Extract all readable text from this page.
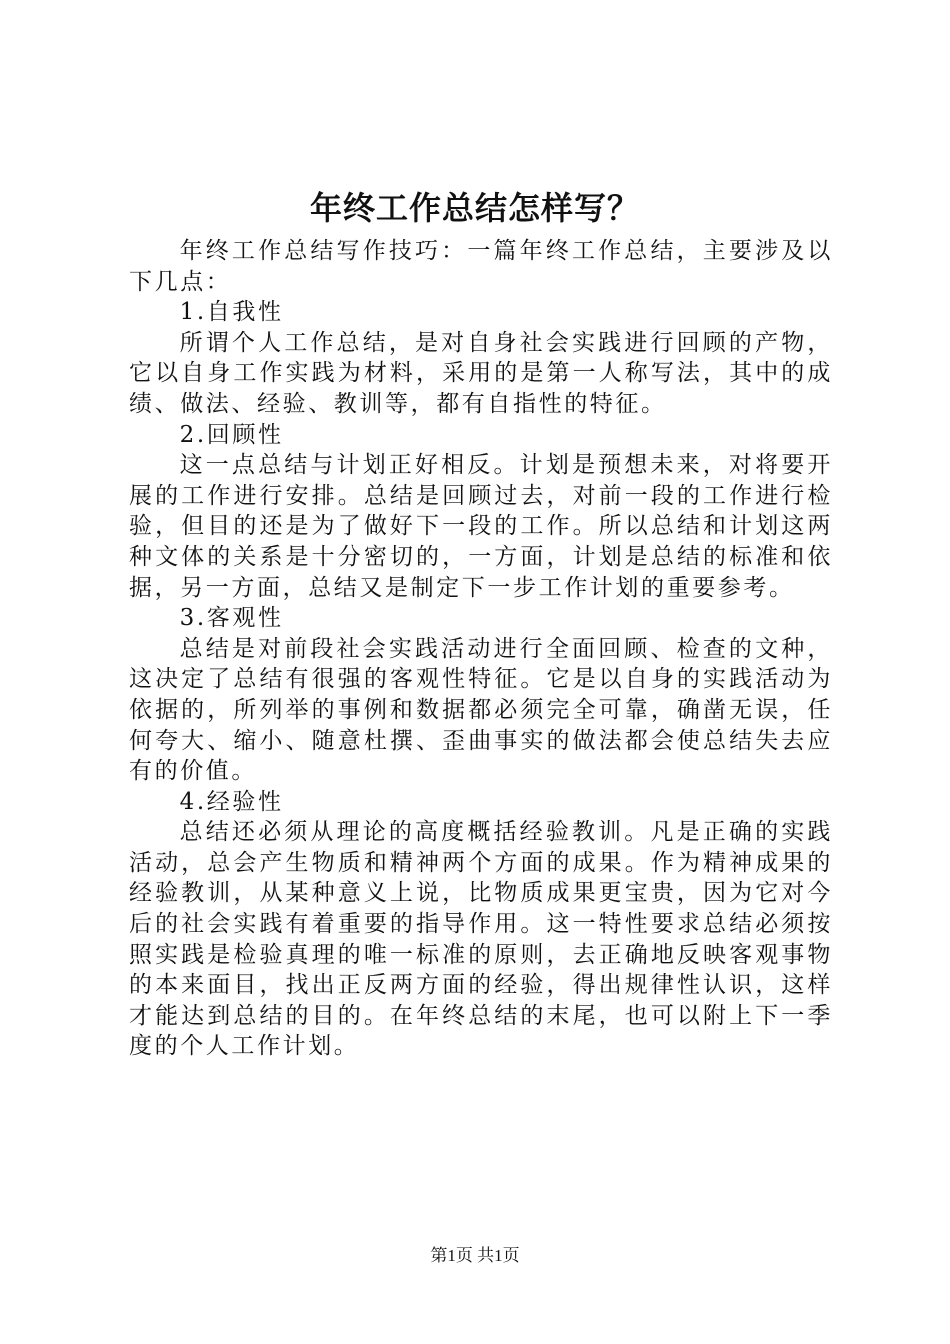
年终工作总结怎样写？

年终工作总结写作技巧：一篇年终工作总结，主要涉及以下几点：

1.自我性

所谓个人工作总结，是对自身社会实践进行回顾的产物，它以自身工作实践为材料，采用的是第一人称写法，其中的成绩、做法、经验、教训等，都有自指性的特征。

2.回顾性

这一点总结与计划正好相反。计划是预想未来，对将要开展的工作进行安排。总结是回顾过去，对前一段的工作进行检验，但目的还是为了做好下一段的工作。所以总结和计划这两种文体的关系是十分密切的，一方面，计划是总结的标准和依据，另一方面，总结又是制定下一步工作计划的重要参考。

3.客观性

总结是对前段社会实践活动进行全面回顾、检查的文种，这决定了总结有很强的客观性特征。它是以自身的实践活动为依据的，所列举的事例和数据都必须完全可靠，确凿无误，任何夸大、缩小、随意杜撰、歪曲事实的做法都会使总结失去应有的价值。

4.经验性

总结还必须从理论的高度概括经验教训。凡是正确的实践活动，总会产生物质和精神两个方面的成果。作为精神成果的经验教训，从某种意义上说，比物质成果更宝贵，因为它对今后的社会实践有着重要的指导作用。这一特性要求总结必须按照实践是检验真理的唯一标准的原则，去正确地反映客观事物的本来面目，找出正反两方面的经验，得出规律性认识，这样才能达到总结的目的。在年终总结的末尾，也可以附上下一季度的个人工作计划。

第1页 共1页
